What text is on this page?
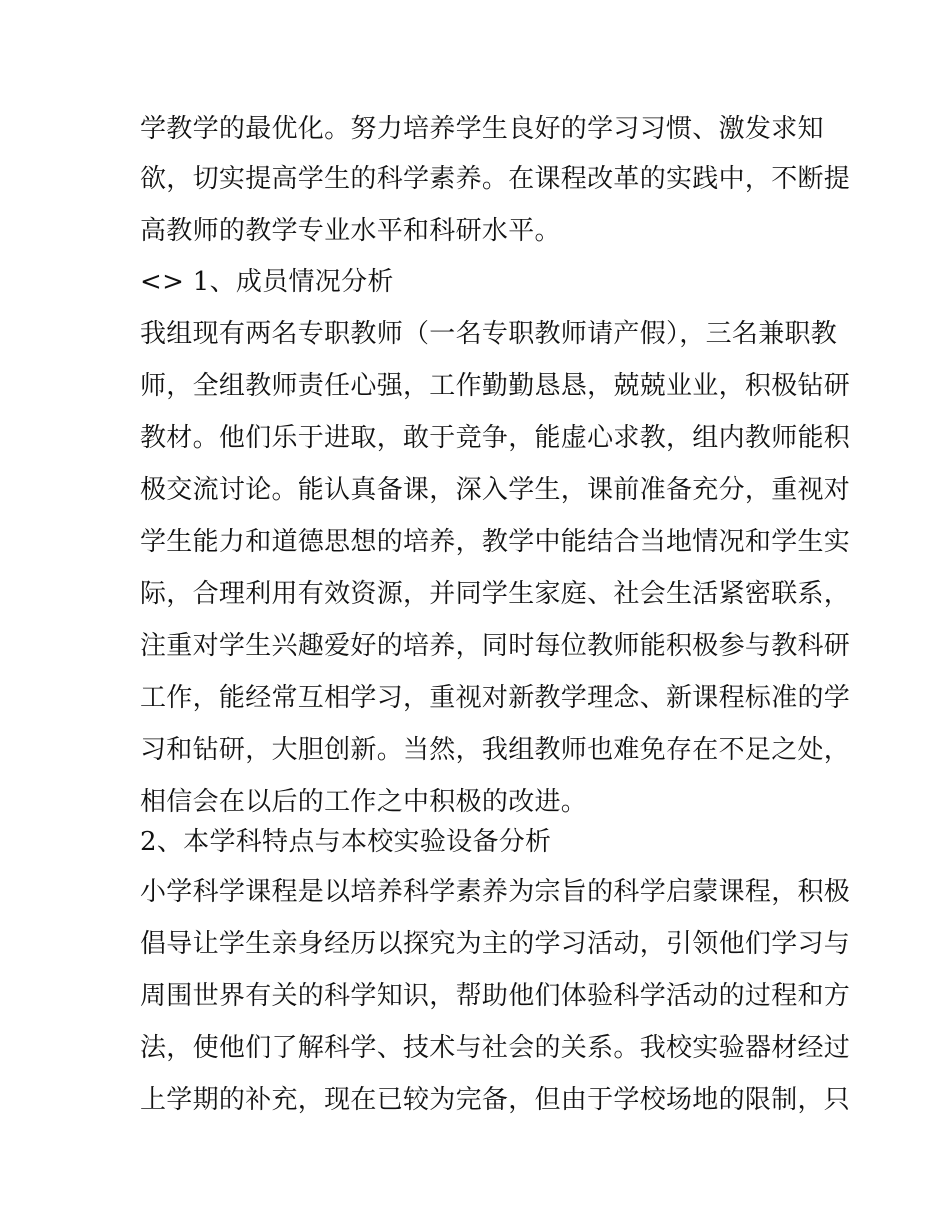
学教学的最优化。努力培养学生良好的学习习惯、激发求知
欲，切实提高学生的科学素养。在课程改革的实践中，不断提
高教师的教学专业水平和科研水平。
<> 1、成员情况分析
我组现有两名专职教师（一名专职教师请产假），三名兼职教
师，全组教师责任心强，工作勤勤恳恳，兢兢业业，积极钻研
教材。他们乐于进取，敢于竞争，能虚心求教，组内教师能积
极交流讨论。能认真备课，深入学生，课前准备充分，重视对
学生能力和道德思想的培养，教学中能结合当地情况和学生实
际，合理利用有效资源，并同学生家庭、社会生活紧密联系，
注重对学生兴趣爱好的培养，同时每位教师能积极参与教科研
工作，能经常互相学习，重视对新教学理念、新课程标准的学
习和钻研，大胆创新。当然，我组教师也难免存在不足之处，
相信会在以后的工作之中积极的改进。
2、本学科特点与本校实验设备分析
小学科学课程是以培养科学素养为宗旨的科学启蒙课程，积极
倡导让学生亲身经历以探究为主的学习活动，引领他们学习与
周围世界有关的科学知识，帮助他们体验科学活动的过程和方
法，使他们了解科学、技术与社会的关系。我校实验器材经过
上学期的补充，现在已较为完备，但由于学校场地的限制，只
